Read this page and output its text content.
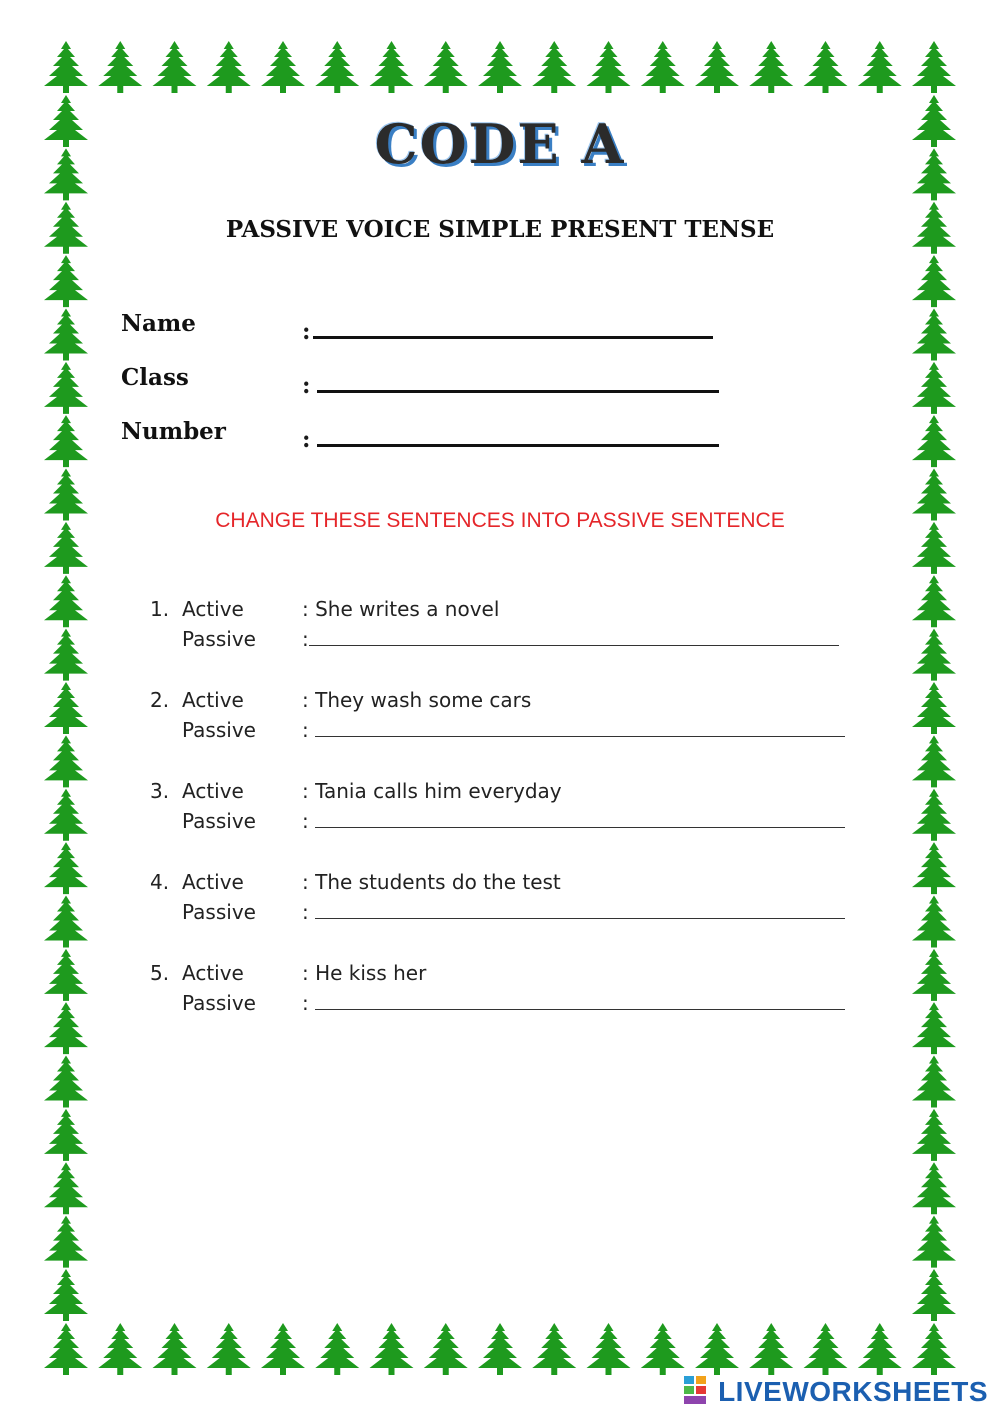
CODE A
PASSIVE VOICE SIMPLE PRESENT TENSE
Name	:
Class	:
Number	:
CHANGE THESE SENTENCES INTO PASSIVE SENTENCE
1. Active	: She writes a novel
Passive :
2. Active	: They wash some cars
Passive :
3. Active	: Tania calls him everyday
Passive :
4. Active	: The students do the test
Passive :
5. Active	: He kiss her
Passive :
LIVEWORKSHEETS
